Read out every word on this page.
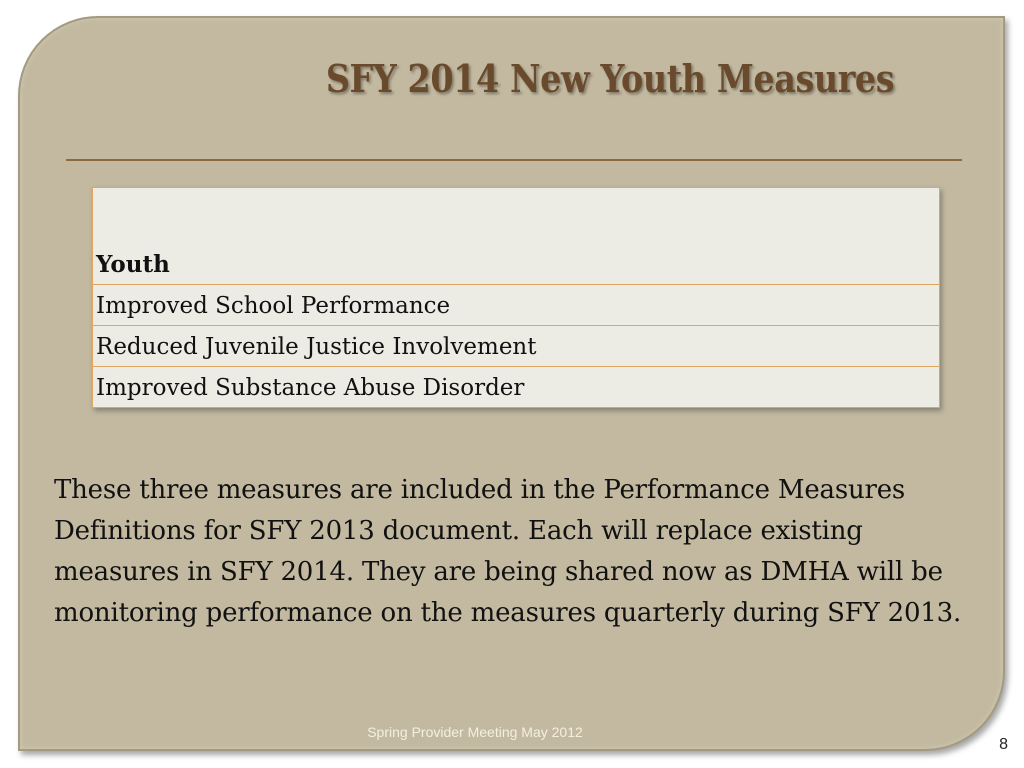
SFY 2014 New Youth Measures
Youth
Improved School Performance
Reduced Juvenile Justice Involvement
Improved Substance Abuse Disorder
These three measures are included in the Performance Measures Definitions for SFY 2013 document. Each will replace existing measures in SFY 2014. They are being shared now as DMHA will be monitoring performance on the measures quarterly during SFY 2013.
Spring Provider Meeting May 2012
8
